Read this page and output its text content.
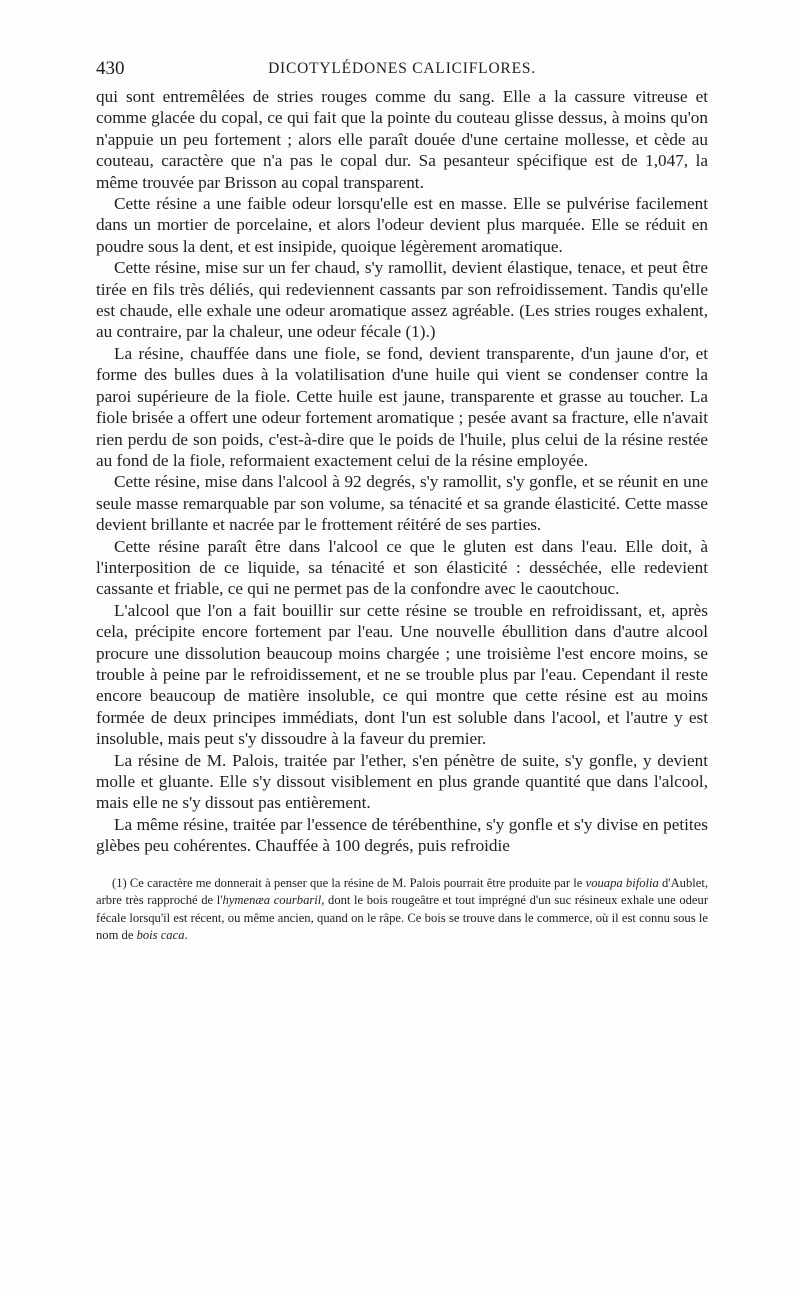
430	DICOTYLÉDONES CALICIFLORES.

qui sont entremêlées de stries rouges comme du sang. Elle a la cassure vitreuse et comme glacée du copal, ce qui fait que la pointe du couteau glisse dessus, à moins qu'on n'appuie un peu fortement ; alors elle paraît douée d'une certaine mollesse, et cède au couteau, caractère que n'a pas le copal dur. Sa pesanteur spécifique est de 1,047, la même trouvée par Brisson au copal transparent.

Cette résine a une faible odeur lorsqu'elle est en masse. Elle se pulvérise facilement dans un mortier de porcelaine, et alors l'odeur devient plus marquée. Elle se réduit en poudre sous la dent, et est insipide, quoique légèrement aromatique.

Cette résine, mise sur un fer chaud, s'y ramollit, devient élastique, tenace, et peut être tirée en fils très déliés, qui redeviennent cassants par son refroidissement. Tandis qu'elle est chaude, elle exhale une odeur aromatique assez agréable. (Les stries rouges exhalent, au contraire, par la chaleur, une odeur fécale (1).)

La résine, chauffée dans une fiole, se fond, devient transparente, d'un jaune d'or, et forme des bulles dues à la volatilisation d'une huile qui vient se condenser contre la paroi supérieure de la fiole. Cette huile est jaune, transparente et grasse au toucher. La fiole brisée a offert une odeur fortement aromatique ; pesée avant sa fracture, elle n'avait rien perdu de son poids, c'est-à-dire que le poids de l'huile, plus celui de la résine restée au fond de la fiole, reformaient exactement celui de la résine employée.

Cette résine, mise dans l'alcool à 92 degrés, s'y ramollit, s'y gonfle, et se réunit en une seule masse remarquable par son volume, sa ténacité et sa grande élasticité. Cette masse devient brillante et nacrée par le frottement réitéré de ses parties.

Cette résine paraît être dans l'alcool ce que le gluten est dans l'eau. Elle doit, à l'interposition de ce liquide, sa ténacité et son élasticité : desséchée, elle redevient cassante et friable, ce qui ne permet pas de la confondre avec le caoutchouc.

L'alcool que l'on a fait bouillir sur cette résine se trouble en refroidissant, et, après cela, précipite encore fortement par l'eau. Une nouvelle ébullition dans d'autre alcool procure une dissolution beaucoup moins chargée ; une troisième l'est encore moins, se trouble à peine par le refroidissement, et ne se trouble plus par l'eau. Cependant il reste encore beaucoup de matière insoluble, ce qui montre que cette résine est au moins formée de deux principes immédiats, dont l'un est soluble dans l'acool, et l'autre y est insoluble, mais peut s'y dissoudre à la faveur du premier.

La résine de M. Palois, traitée par l'ether, s'en pénètre de suite, s'y gonfle, y devient molle et gluante. Elle s'y dissout visiblement en plus grande quantité que dans l'alcool, mais elle ne s'y dissout pas entièrement.

La même résine, traitée par l'essence de térébenthine, s'y gonfle et s'y divise en petites glèbes peu cohérentes. Chauffée à 100 degrés, puis refroidie

(1) Ce caractère me donnerait à penser que la résine de M. Palois pourrait être produite par le vouapa bifolia d'Aublet, arbre très rapproché de l'hymenæa courbaril, dont le bois rougeâtre et tout imprégné d'un suc résineux exhale une odeur fécale lorsqu'il est récent, ou même ancien, quand on le râpe. Ce bois se trouve dans le commerce, où il est connu sous le nom de bois caca.
